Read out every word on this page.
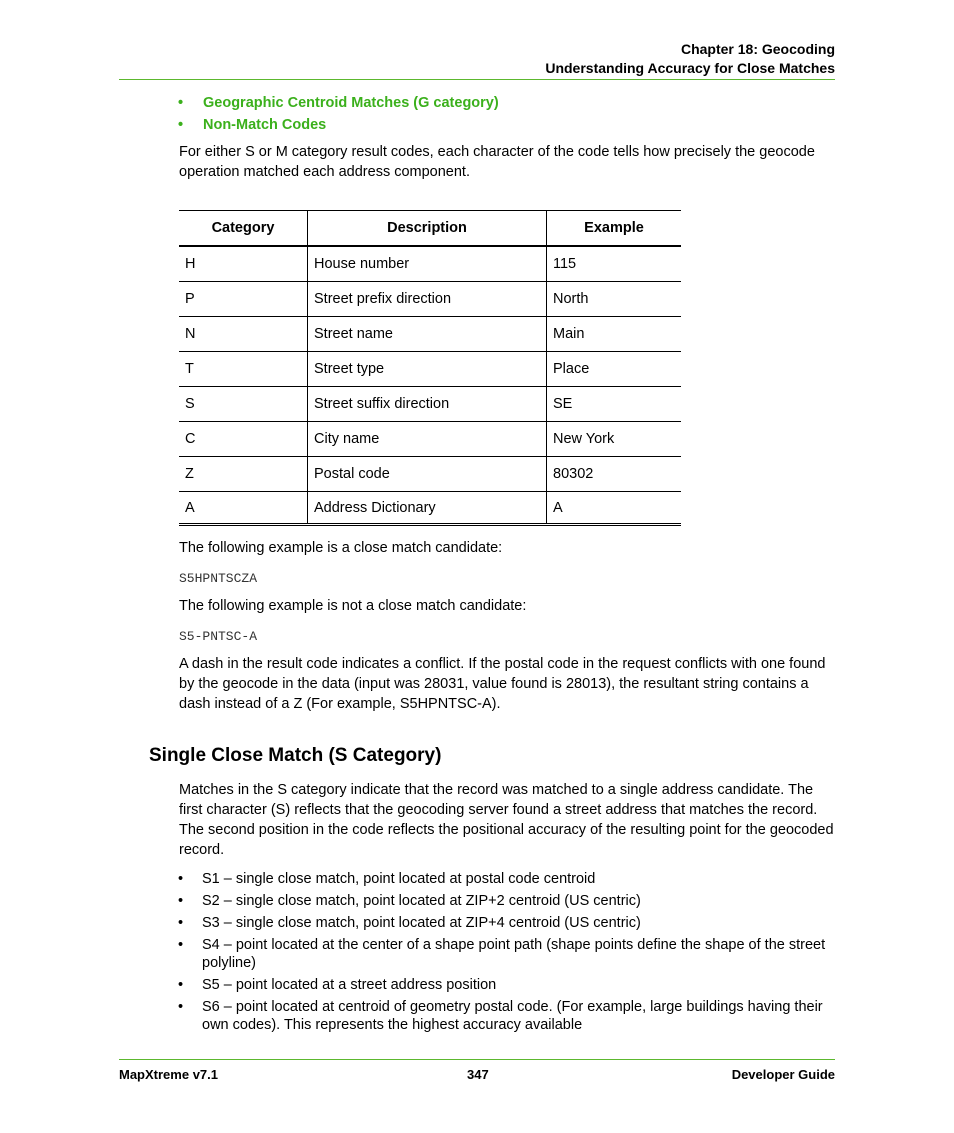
Chapter 18: Geocoding
Understanding Accuracy for Close Matches
•	Geographic Centroid Matches (G category)
•	Non-Match Codes
For either S or M category result codes, each character of the code tells how precisely the geocode operation matched each address component.
Category	Description	Example
H	House number	115
P	Street prefix direction	North
N	Street name	Main
T	Street type	Place
S	Street suffix direction	SE
C	City name	New York
Z	Postal code	80302
A	Address Dictionary	A
The following example is a close match candidate:
S5HPNTSCZA
The following example is not a close match candidate:
S5-PNTSC-A
A dash in the result code indicates a conflict. If the postal code in the request conflicts with one found by the geocode in the data (input was 28031, value found is 28013), the resultant string contains a dash instead of a Z (For example, S5HPNTSC-A).
Single Close Match (S Category)
Matches in the S category indicate that the record was matched to a single address candidate. The first character (S) reflects that the geocoding server found a street address that matches the record. The second position in the code reflects the positional accuracy of the resulting point for the geocoded record.
•	S1 – single close match, point located at postal code centroid
•	S2 – single close match, point located at ZIP+2 centroid (US centric)
•	S3 – single close match, point located at ZIP+4 centroid (US centric)
•	S4 – point located at the center of a shape point path (shape points define the shape of the street polyline)
•	S5 – point located at a street address position
•	S6 – point located at centroid of geometry postal code. (For example, large buildings having their own codes). This represents the highest accuracy available
MapXtreme v7.1	347	Developer Guide
